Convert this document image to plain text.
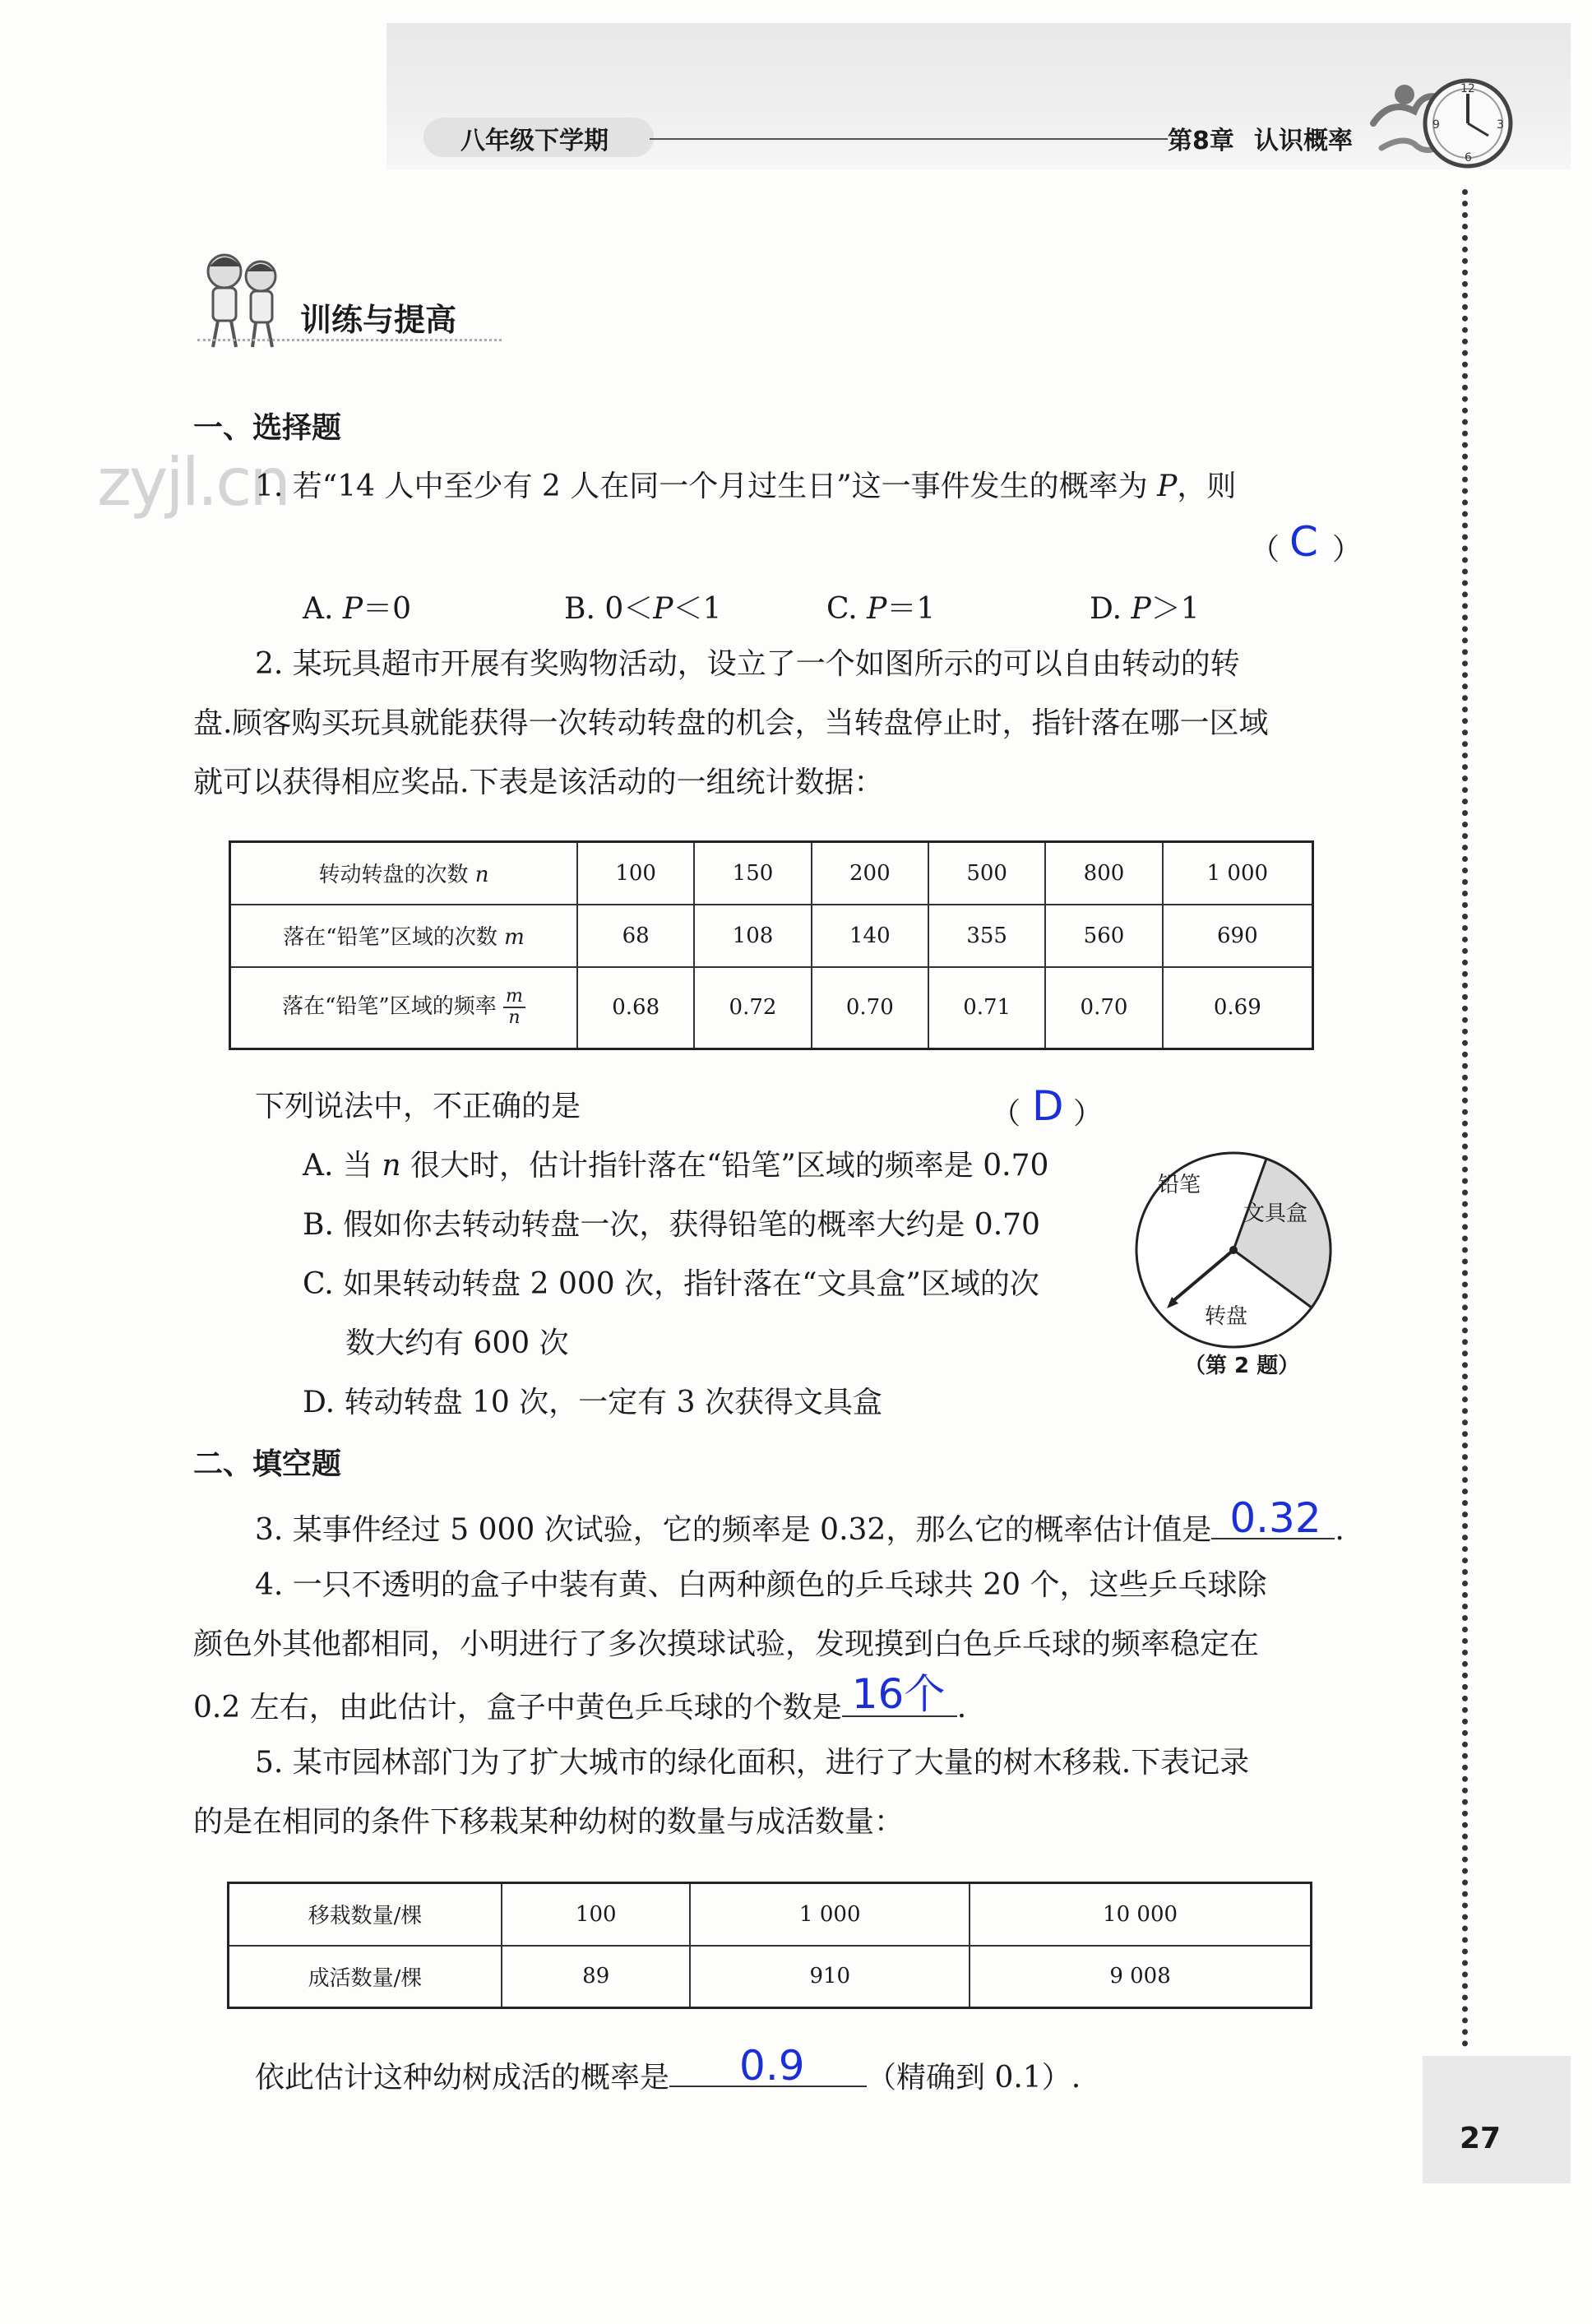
八年级下学期	第8章 认识概率
12
3
6
9
训练与提高
zyjl.cn
一、选择题
1. 若“14 人中至少有 2 人在同一个月过生日”这一事件发生的概率为 P，则
（ C ）
A. P＝0	B. 0＜P＜1	C. P＝1	D. P＞1
2. 某玩具超市开展有奖购物活动，设立了一个如图所示的可以自由转动的转
盘.顾客购买玩具就能获得一次转动转盘的机会，当转盘停止时，指针落在哪一区域
就可以获得相应奖品.下表是该活动的一组统计数据：
转动转盘的次数 n	100	150	200	500	800	1 000
落在“铅笔”区域的次数 m	68	108	140	355	560	690
落在“铅笔”区域的频率 $\frac{m}{n}$	0.68	0.72	0.70	0.71	0.70	0.69
下列说法中，不正确的是	（ D ）
A. 当 n 很大时，估计指针落在“铅笔”区域的频率是 0.70
B. 假如你去转动转盘一次，获得铅笔的概率大约是 0.70
C. 如果转动转盘 2 000 次，指针落在“文具盒”区域的次
数大约有 600 次
D. 转动转盘 10 次，一定有 3 次获得文具盒
铅笔
文具盒
转盘
（第 2 题）
二、填空题
3. 某事件经过 5 000 次试验，它的频率是 0.32，那么它的概率估计值是 0.32 .
4. 一只不透明的盒子中装有黄、白两种颜色的乒乓球共 20 个，这些乒乓球除
颜色外其他都相同，小明进行了多次摸球试验，发现摸到白色乒乓球的频率稳定在
0.2 左右，由此估计，盒子中黄色乒乓球的个数是 16个 .
5. 某市园林部门为了扩大城市的绿化面积，进行了大量的树木移栽.下表记录
的是在相同的条件下移栽某种幼树的数量与成活数量：
移栽数量/棵	100	1 000	10 000
成活数量/棵	89	910	9 008
依此估计这种幼树成活的概率是 0.9 （精确到 0.1）.
27
